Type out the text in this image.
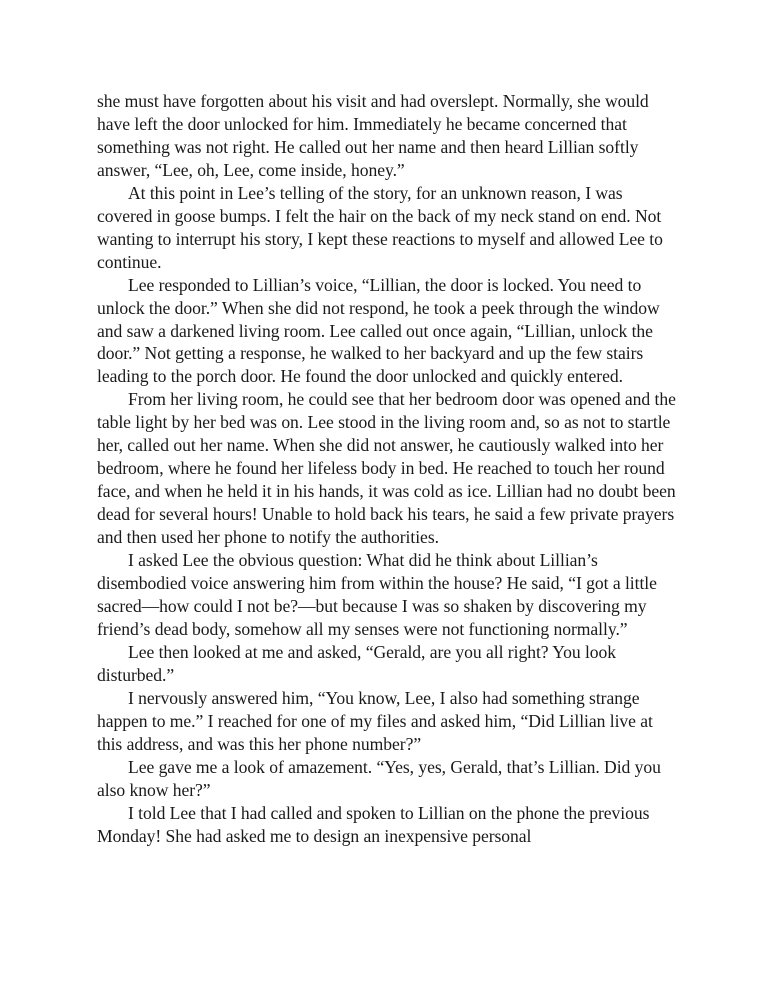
she must have forgotten about his visit and had overslept. Normally, she would have left the door unlocked for him. Immediately he became concerned that something was not right. He called out her name and then heard Lillian softly answer, “Lee, oh, Lee, come inside, honey.”

At this point in Lee’s telling of the story, for an unknown reason, I was covered in goose bumps. I felt the hair on the back of my neck stand on end. Not wanting to interrupt his story, I kept these reactions to myself and allowed Lee to continue.

Lee responded to Lillian’s voice, “Lillian, the door is locked. You need to unlock the door.” When she did not respond, he took a peek through the window and saw a darkened living room. Lee called out once again, “Lillian, unlock the door.” Not getting a response, he walked to her backyard and up the few stairs leading to the porch door. He found the door unlocked and quickly entered.

From her living room, he could see that her bedroom door was opened and the table light by her bed was on. Lee stood in the living room and, so as not to startle her, called out her name. When she did not answer, he cautiously walked into her bedroom, where he found her lifeless body in bed. He reached to touch her round face, and when he held it in his hands, it was cold as ice. Lillian had no doubt been dead for several hours! Unable to hold back his tears, he said a few private prayers and then used her phone to notify the authorities.

I asked Lee the obvious question: What did he think about Lillian’s disembodied voice answering him from within the house? He said, “I got a little sacred—how could I not be?—but because I was so shaken by discovering my friend’s dead body, somehow all my senses were not functioning normally.”

Lee then looked at me and asked, “Gerald, are you all right? You look disturbed.”

I nervously answered him, “You know, Lee, I also had something strange happen to me.” I reached for one of my files and asked him, “Did Lillian live at this address, and was this her phone number?”

Lee gave me a look of amazement. “Yes, yes, Gerald, that’s Lillian. Did you also know her?”

I told Lee that I had called and spoken to Lillian on the phone the previous Monday! She had asked me to design an inexpensive personal
